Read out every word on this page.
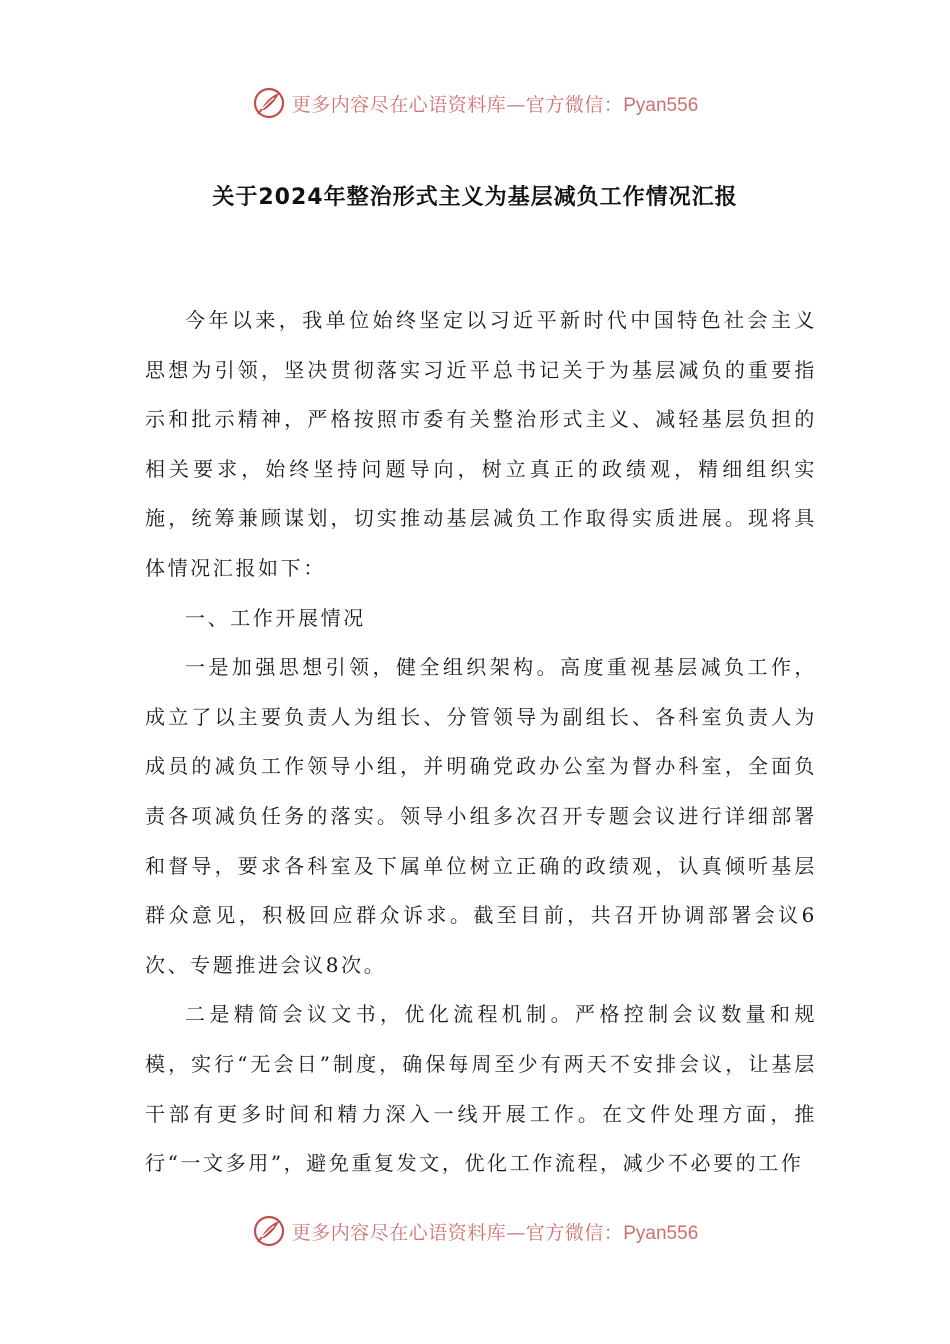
更多内容尽在心语资料库—官方微信：Pyan556
关于2024年整治形式主义为基层减负工作情况汇报

今年以来，我单位始终坚定以习近平新时代中国特色社会主义思想为引领，坚决贯彻落实习近平总书记关于为基层减负的重要指示和批示精神，严格按照市委有关整治形式主义、减轻基层负担的相关要求，始终坚持问题导向，树立真正的政绩观，精细组织实施，统筹兼顾谋划，切实推动基层减负工作取得实质进展。现将具体情况汇报如下：

一、工作开展情况

一是加强思想引领，健全组织架构。高度重视基层减负工作，成立了以主要负责人为组长、分管领导为副组长、各科室负责人为成员的减负工作领导小组，并明确党政办公室为督办科室，全面负责各项减负任务的落实。领导小组多次召开专题会议进行详细部署和督导，要求各科室及下属单位树立正确的政绩观，认真倾听基层群众意见，积极回应群众诉求。截至目前，共召开协调部署会议6次、专题推进会议8次。

二是精简会议文书，优化流程机制。严格控制会议数量和规模，实行“无会日”制度，确保每周至少有两天不安排会议，让基层干部有更多时间和精力深入一线开展工作。在文件处理方面，推行“一文多用”，避免重复发文，优化工作流程，减少不必要的工作

更多内容尽在心语资料库—官方微信：Pyan556
